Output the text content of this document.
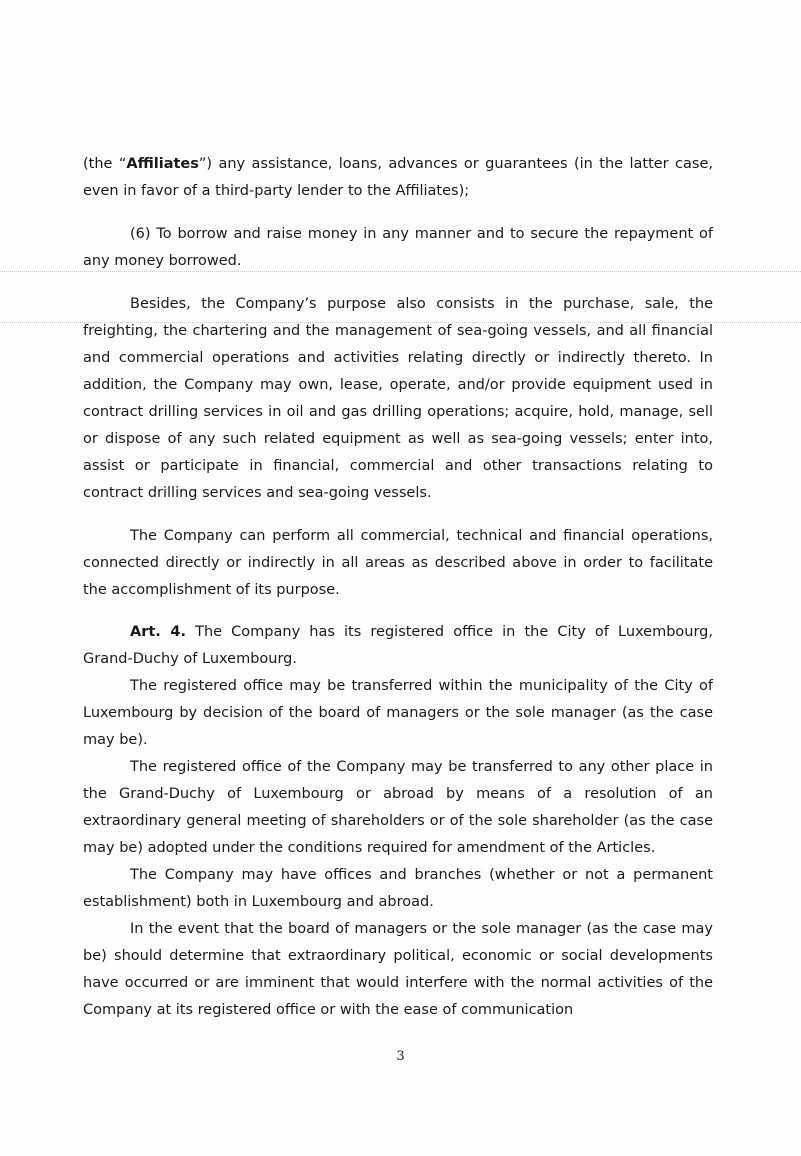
(the “Affiliates”) any assistance, loans, advances or guarantees (in the latter case, even in favor of a third-party lender to the Affiliates);

(6) To borrow and raise money in any manner and to secure the repayment of any money borrowed.

Besides, the Company’s purpose also consists in the purchase, sale, the freighting, the chartering and the management of sea-going vessels, and all financial and commercial operations and activities relating directly or indirectly thereto. In addition, the Company may own, lease, operate, and/or provide equipment used in contract drilling services in oil and gas drilling operations; acquire, hold, manage, sell or dispose of any such related equipment as well as sea-going vessels; enter into, assist or participate in financial, commercial and other transactions relating to contract drilling services and sea-going vessels.

The Company can perform all commercial, technical and financial operations, connected directly or indirectly in all areas as described above in order to facilitate the accomplishment of its purpose.

Art. 4. The Company has its registered office in the City of Luxembourg, Grand-Duchy of Luxembourg.

The registered office may be transferred within the municipality of the City of Luxembourg by decision of the board of managers or the sole manager (as the case may be).

The registered office of the Company may be transferred to any other place in the Grand-Duchy of Luxembourg or abroad by means of a resolution of an extraordinary general meeting of shareholders or of the sole shareholder (as the case may be) adopted under the conditions required for amendment of the Articles.

The Company may have offices and branches (whether or not a permanent establishment) both in Luxembourg and abroad.

In the event that the board of managers or the sole manager (as the case may be) should determine that extraordinary political, economic or social developments have occurred or are imminent that would interfere with the normal activities of the Company at its registered office or with the ease of communication

3
